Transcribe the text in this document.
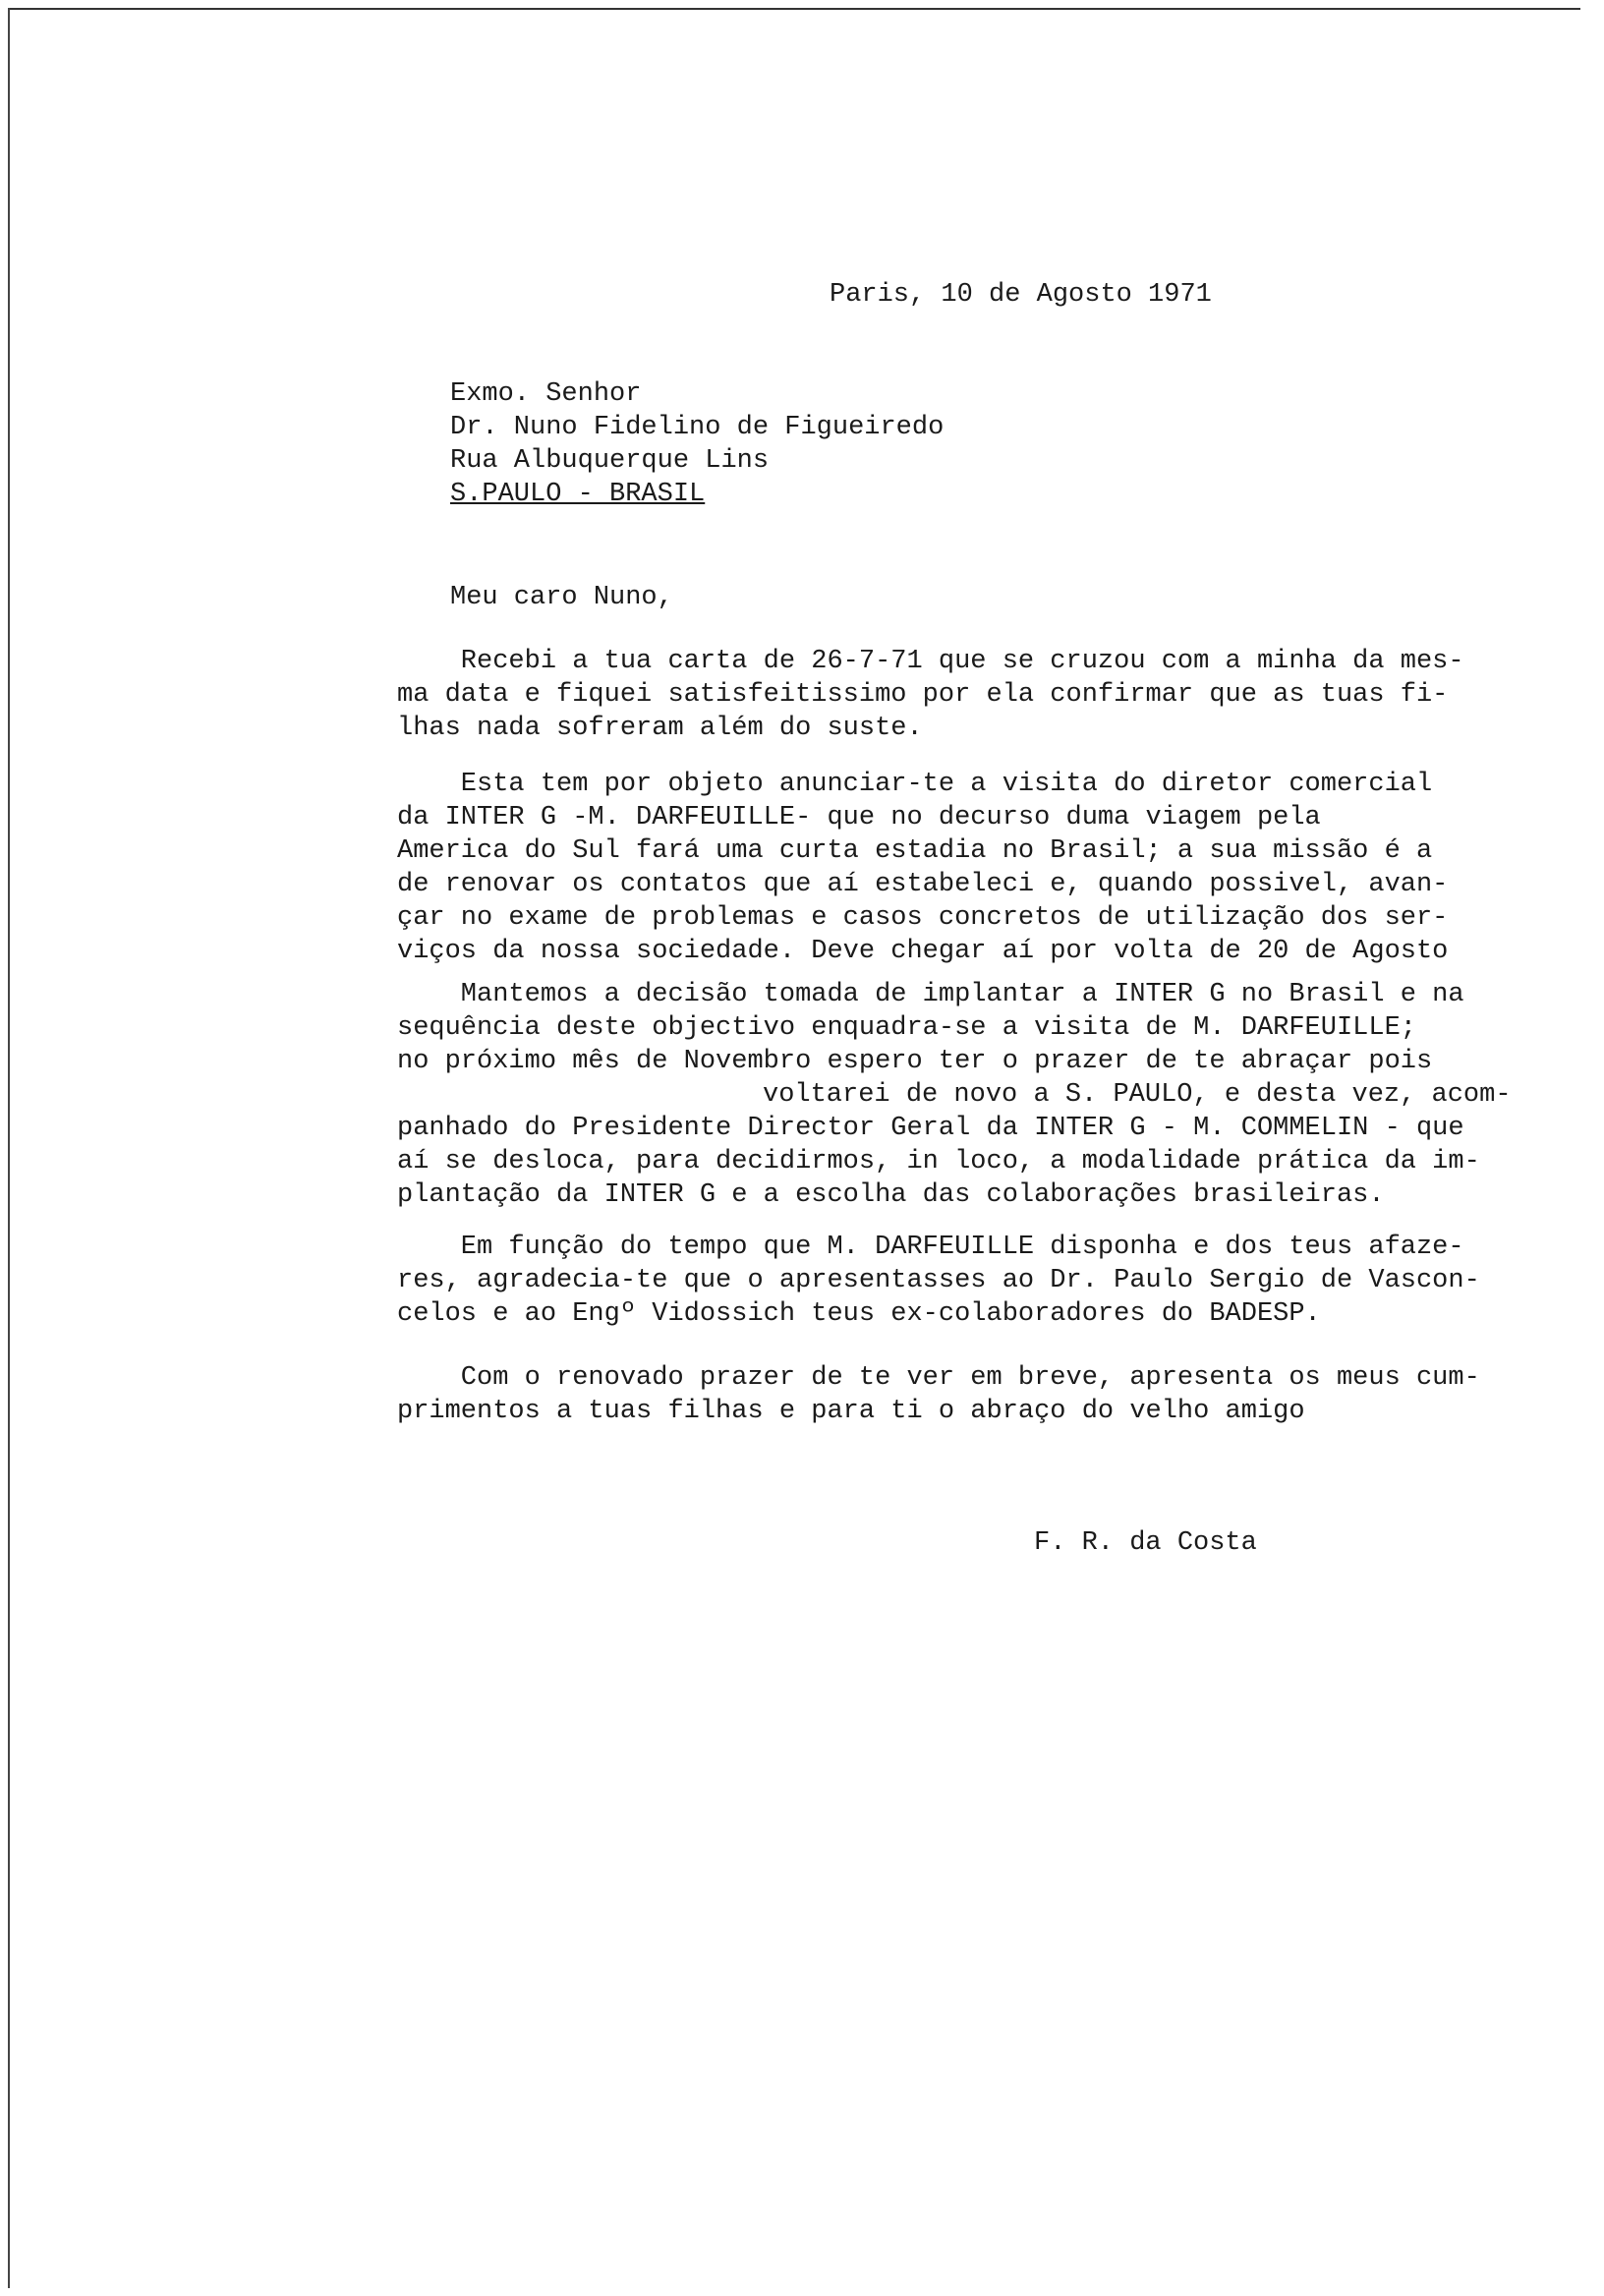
Paris, 10 de Agosto 1971
Exmo. Senhor
Dr. Nuno Fidelino de Figueiredo
Rua Albuquerque Lins
S.PAULO - BRASIL
Meu caro Nuno,
Recebi a tua carta de 26-7-71 que se cruzou com a minha da mes-
ma data e fiquei satisfeitissimo por ela confirmar que as tuas fi-
lhas nada sofreram além do suste.
Esta tem por objeto anunciar-te a visita do diretor comercial
da INTER G -M. DARFEUILLE- que no decurso duma viagem pela
America do Sul fará uma curta estadia no Brasil; a sua missão é a
de renovar os contatos que aí estabeleci e, quando possivel, avan-
çar no exame de problemas e casos concretos de utilização dos ser-
viços da nossa sociedade. Deve chegar aí por volta de 20 de Agosto
Mantemos a decisão tomada de implantar a INTER G no Brasil e na
sequência deste objectivo enquadra-se a visita de M. DARFEUILLE;
no próximo mês de Novembro espero ter o prazer de te abraçar pois
voltarei de novo a S. PAULO, e desta vez, acom-
panhado do Presidente Director Geral da INTER G - M. COMMELIN - que
aí se desloca, para decidirmos, in loco, a modalidade prática da im-
plantação da INTER G e a escolha das colaborações brasileiras.
Em função do tempo que M. DARFEUILLE disponha e dos teus afaze-
res, agradecia-te que o apresentasses ao Dr. Paulo Sergio de Vascon-
celos e ao Engº Vidossich teus ex-colaboradores do BADESP.
Com o renovado prazer de te ver em breve, apresenta os meus cum-
primentos a tuas filhas e para ti o abraço do velho amigo
F. R. da Costa
